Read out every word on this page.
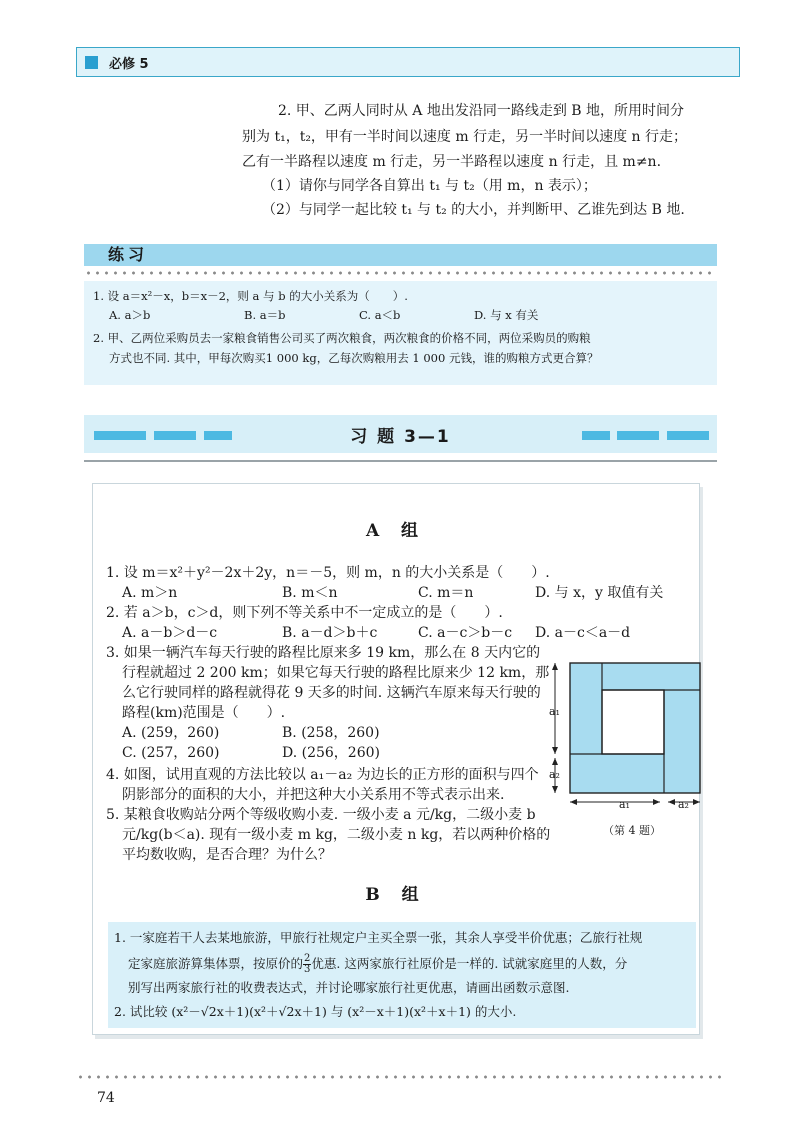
必修 5
2. 甲、乙两人同时从 A 地出发沿同一路线走到 B 地，所用时间分
别为 t₁，t₂，甲有一半时间以速度 m 行走，另一半时间以速度 n 行走；
乙有一半路程以速度 m 行走，另一半路程以速度 n 行走，且 m≠n.
（1）请你与同学各自算出 t₁ 与 t₂（用 m，n 表示）；
（2）与同学一起比较 t₁ 与 t₂ 的大小，并判断甲、乙谁先到达 B 地.
练习
1. 设 a＝x²－x，b＝x－2，则 a 与 b 的大小关系为（　　）.
A. a＞b	B. a＝b	C. a＜b	D. 与 x 有关
2. 甲、乙两位采购员去一家粮食销售公司买了两次粮食，两次粮食的价格不同，两位采购员的购粮
方式也不同. 其中，甲每次购买1 000 kg，乙每次购粮用去 1 000 元钱，谁的购粮方式更合算？
习 题 3—1
A 组
1. 设 m＝x²＋y²－2x＋2y，n＝－5，则 m，n 的大小关系是（　　）.
A. m＞n	B. m＜n	C. m＝n	D. 与 x，y 取值有关
2. 若 a＞b，c＞d，则下列不等关系中不一定成立的是（　　）.
A. a－b＞d－c	B. a－d＞b＋c	C. a－c＞b－c D. a－c＜a－d
3. 如果一辆汽车每天行驶的路程比原来多 19 km，那么在 8 天内它的
行程就超过 2 200 km；如果它每天行驶的路程比原来少 12 km，那
么它行驶同样的路程就得花 9 天多的时间. 这辆汽车原来每天行驶的
路程(km)范围是（　　）.
A. (259，260)	B. (258，260)
C. (257，260)	D. (256，260)
4. 如图，试用直观的方法比较以 a₁－a₂ 为边长的正方形的面积与四个
阴影部分的面积的大小，并把这种大小关系用不等式表示出来.
5. 某粮食收购站分两个等级收购小麦. 一级小麦 a 元/kg，二级小麦 b
元/kg(b＜a). 现有一级小麦 m kg，二级小麦 n kg，若以两种价格的
平均数收购，是否合理？为什么？
a₁
a₂
a₁	a₂
（第 4 题）
B 组
1. 一家庭若干人去某地旅游，甲旅行社规定户主买全票一张，其余人享受半价优惠；乙旅行社规
定家庭旅游算集体票，按原价的 $\frac{2}{3}$ 优惠. 这两家旅行社原价是一样的. 试就家庭里的人数，分
别写出两家旅行社的收费表达式，并讨论哪家旅行社更优惠，请画出函数示意图.
2. 试比较 (x²－√2x＋1)(x²＋√2x＋1) 与 (x²－x＋1)(x²＋x＋1) 的大小.
74
